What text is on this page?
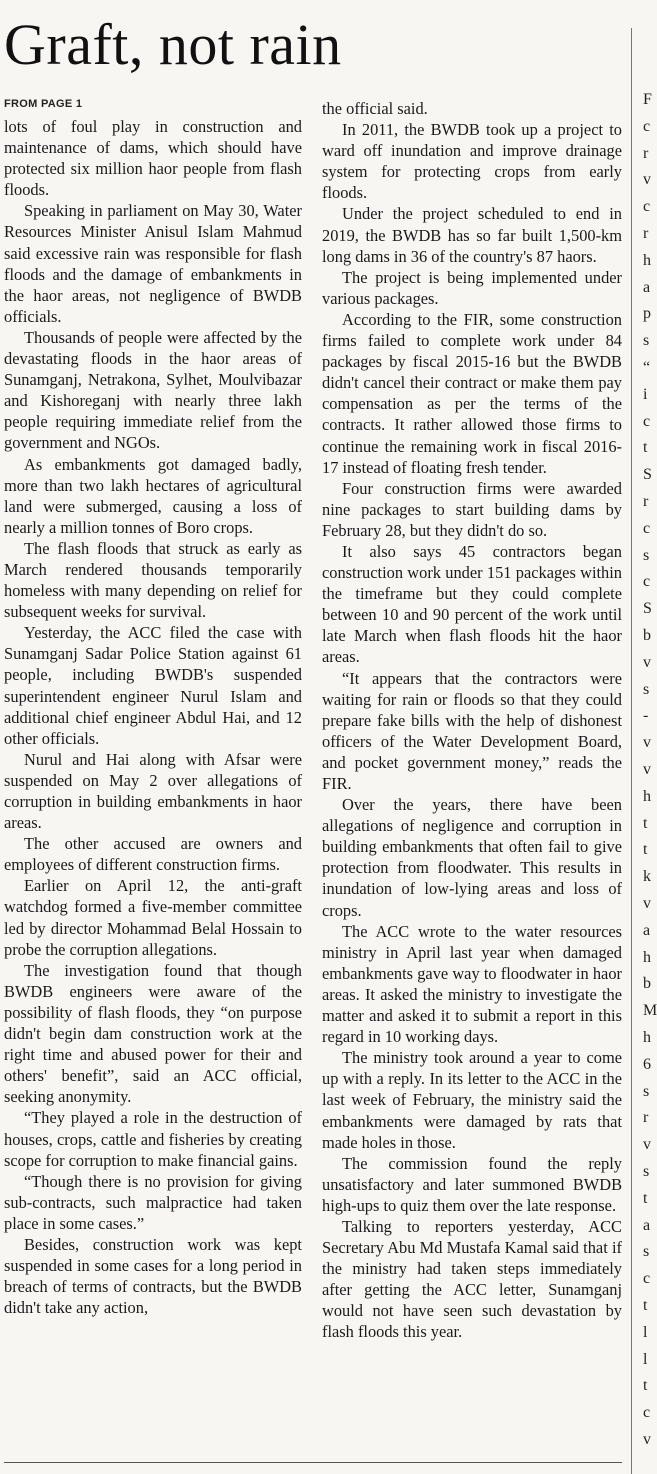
Graft, not rain
FROM PAGE 1

lots of foul play in construction and maintenance of dams, which should have protected six million haor people from flash floods.

Speaking in parliament on May 30, Water Resources Minister Anisul Islam Mahmud said excessive rain was responsible for flash floods and the damage of embankments in the haor areas, not negligence of BWDB officials.

Thousands of people were affected by the devastating floods in the haor areas of Sunamganj, Netrakona, Sylhet, Moulvibazar and Kishoreganj with nearly three lakh people requiring immediate relief from the government and NGOs.

As embankments got damaged badly, more than two lakh hectares of agricultural land were submerged, causing a loss of nearly a million tonnes of Boro crops.

The flash floods that struck as early as March rendered thousands temporarily homeless with many depending on relief for subsequent weeks for survival.

Yesterday, the ACC filed the case with Sunamganj Sadar Police Station against 61 people, including BWDB's suspended superintendent engineer Nurul Islam and additional chief engineer Abdul Hai, and 12 other officials.

Nurul and Hai along with Afsar were suspended on May 2 over allegations of corruption in building embankments in haor areas.

The other accused are owners and employees of different construction firms.

Earlier on April 12, the anti-graft watchdog formed a five-member committee led by director Mohammad Belal Hossain to probe the corruption allegations.

The investigation found that though BWDB engineers were aware of the possibility of flash floods, they “on purpose didn't begin dam construction work at the right time and abused power for their and others' benefit”, said an ACC official, seeking anonymity.

“They played a role in the destruction of houses, crops, cattle and fisheries by creating scope for corruption to make financial gains.

“Though there is no provision for giving sub-contracts, such malpractice had taken place in some cases.”

Besides, construction work was kept suspended in some cases for a long period in breach of terms of contracts, but the BWDB didn't take any action,

the official said.

In 2011, the BWDB took up a project to ward off inundation and improve drainage system for protecting crops from early floods.

Under the project scheduled to end in 2019, the BWDB has so far built 1,500-km long dams in 36 of the country's 87 haors.

The project is being implemented under various packages.

According to the FIR, some construction firms failed to complete work under 84 packages by fiscal 2015-16 but the BWDB didn't cancel their contract or make them pay compensation as per the terms of the contracts. It rather allowed those firms to continue the remaining work in fiscal 2016-17 instead of floating fresh tender.

Four construction firms were awarded nine packages to start building dams by February 28, but they didn't do so.

It also says 45 contractors began construction work under 151 packages within the timeframe but they could complete between 10 and 90 percent of the work until late March when flash floods hit the haor areas.

“It appears that the contractors were waiting for rain or floods so that they could prepare fake bills with the help of dishonest officers of the Water Development Board, and pocket government money,” reads the FIR.

Over the years, there have been allegations of negligence and corruption in building embankments that often fail to give protection from floodwater. This results in inundation of low-lying areas and loss of crops.

The ACC wrote to the water resources ministry in April last year when damaged embankments gave way to floodwater in haor areas. It asked the ministry to investigate the matter and asked it to submit a report in this regard in 10 working days.

The ministry took around a year to come up with a reply. In its letter to the ACC in the last week of February, the ministry said the embankments were damaged by rats that made holes in those.

The commission found the reply unsatisfactory and later summoned BWDB high-ups to quiz them over the late response.

Talking to reporters yesterday, ACC Secretary Abu Md Mustafa Kamal said that if the ministry had taken steps immediately after getting the ACC letter, Sunamganj would not have seen such devastation by flash floods this year.

F
c
r
v
c
r
h
a
p
s
“
i
c
t
S
r
c
s
c
S
b
v
s
-
v
v
h
t
t
k
v
a
h
b
M
h
6
s
r
v
s
t
a
s
c
t
l
l
t
c
v
